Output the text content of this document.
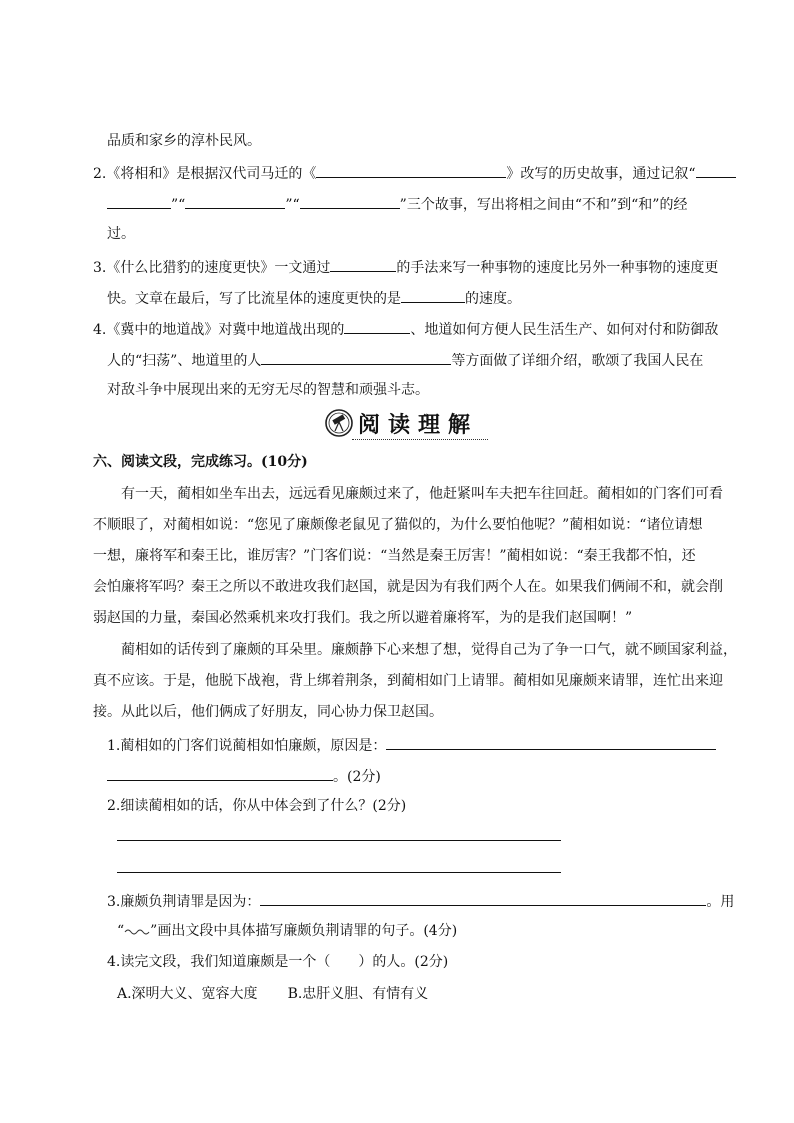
品质和家乡的淳朴民风。
2.《将相和》是根据汉代司马迁的《	》改写的历史故事，通过记叙“
”“	”“	”三个故事，写出将相之间由“不和”到“和”的经
过。
3.《什么比猎豹的速度更快》一文通过	的手法来写一种事物的速度比另外一种事物的速度更
快。文章在最后，写了比流星体的速度更快的是	的速度。
4.《冀中的地道战》对冀中地道战出现的	、地道如何方便人民生活生产、如何对付和防御敌
人的“扫荡”、地道里的人	等方面做了详细介绍，歌颂了我国人民在
对敌斗争中展现出来的无穷无尽的智慧和顽强斗志。
阅读理解
六、阅读文段，完成练习。(10分)
有一天，蔺相如坐车出去，远远看见廉颇过来了，他赶紧叫车夫把车往回赶。蔺相如的门客们可看
不顺眼了，对蔺相如说：“您见了廉颇像老鼠见了猫似的，为什么要怕他呢？”蔺相如说：“诸位请想
一想，廉将军和秦王比，谁厉害？”门客们说：“当然是秦王厉害！”蔺相如说：“秦王我都不怕，还
会怕廉将军吗？秦王之所以不敢进攻我们赵国，就是因为有我们两个人在。如果我们俩闹不和，就会削
弱赵国的力量，秦国必然乘机来攻打我们。我之所以避着廉将军，为的是我们赵国啊！”
蔺相如的话传到了廉颇的耳朵里。廉颇静下心来想了想，觉得自己为了争一口气，就不顾国家利益，
真不应该。于是，他脱下战袍，背上绑着荆条，到蔺相如门上请罪。蔺相如见廉颇来请罪，连忙出来迎
接。从此以后，他们俩成了好朋友，同心协力保卫赵国。
1.蔺相如的门客们说蔺相如怕廉颇，原因是：
。(2分)
2.细读蔺相如的话，你从中体会到了什么？(2分)
3.廉颇负荆请罪是因为：	。用
“ ”画出文段中具体描写廉颇负荆请罪的句子。(4分)
4.读完文段，我们知道廉颇是一个（　　）的人。(2分)
A.深明大义、宽容大度 B.忠肝义胆、有情有义
